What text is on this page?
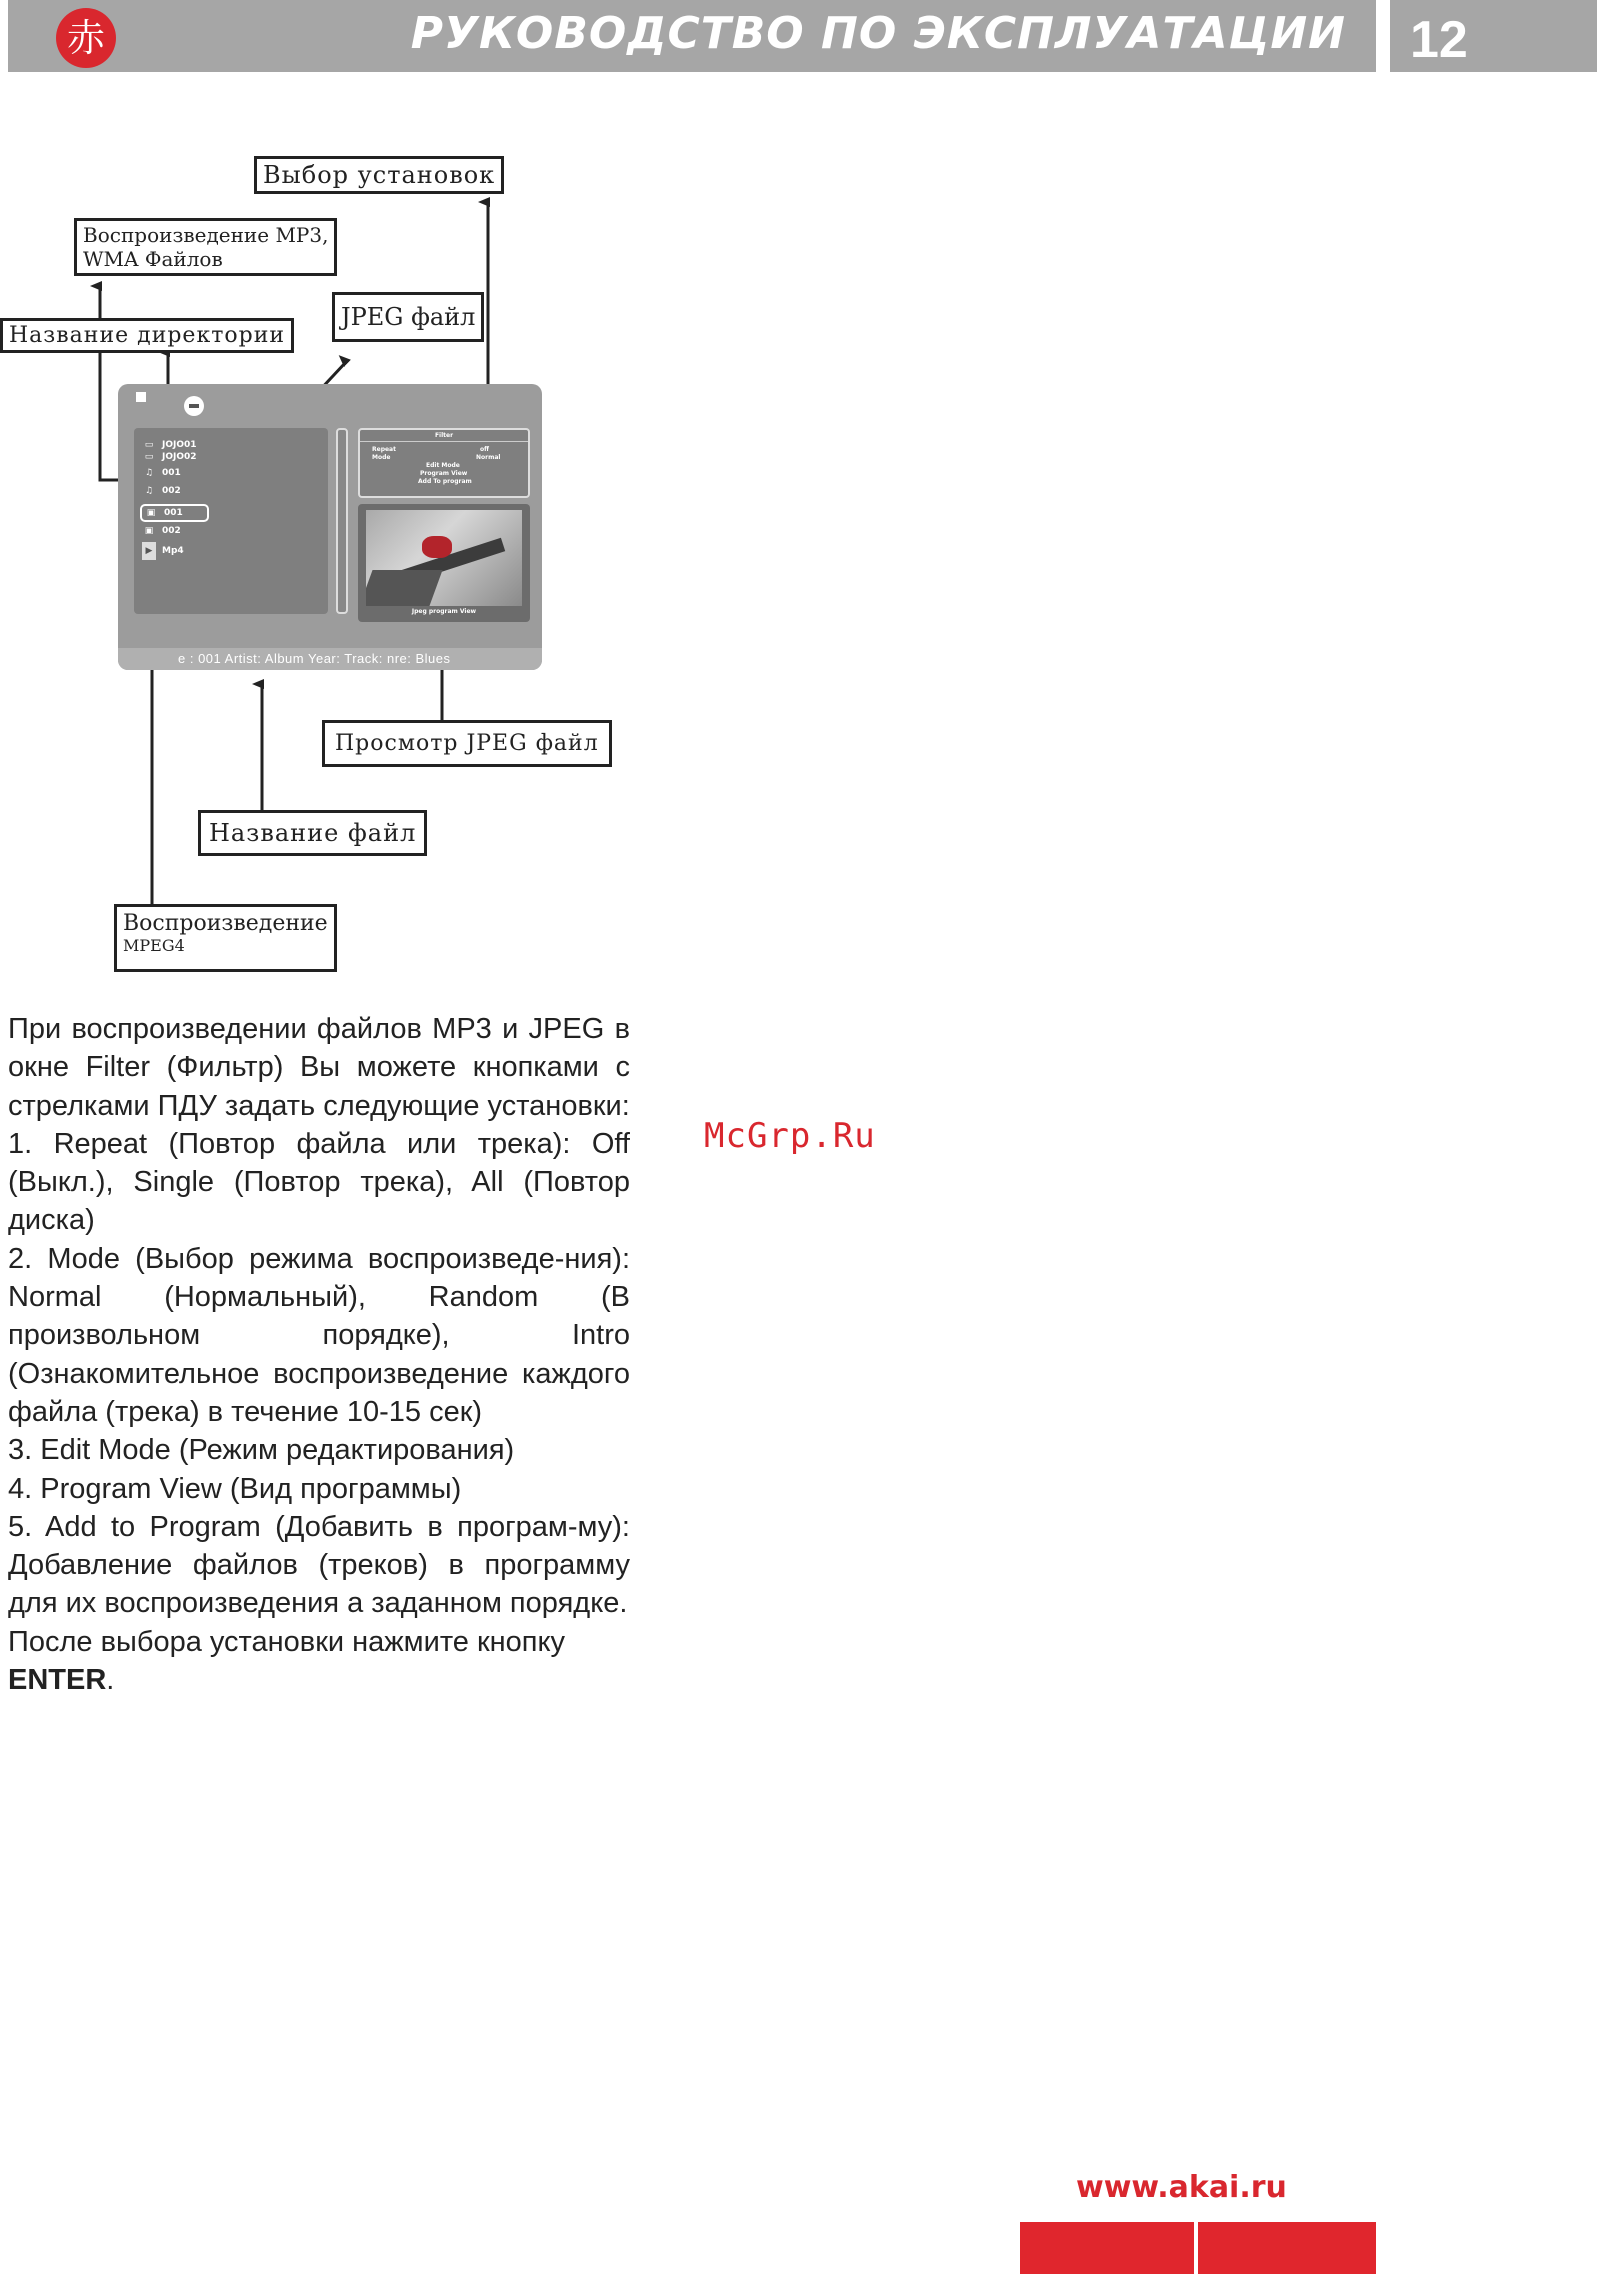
赤	РУКОВОДСТВО ПО ЭКСПЛУАТАЦИИ 12
Выбор установок
Воспроизведение MP3,
WMA Файлов
Название директории
JPEG файл
Просмотр JPEG файл
Название файл
Воспроизведение
MPEG4
▭ JOJO01
▭ JOJO02
♫ 001
♫ 002
▣ 001
▣ 002
▶ Mp4
Filter
Repeat	off
Mode	Normal
Edit Mode
Program View
Add To program
Jpeg program View
e : 001 Artist: Album Year: Track: nre: Blues

При воспроизведении файлов MP3 и JPEG в окне Filter (Фильтр) Вы можете кнопками с стрелками ПДУ задать следующие установки:

1. Repeat (Повтор файла или трека): Off (Выкл.), Single (Повтор трека), All (Повтор диска)

2. Mode (Выбор режима воспроизведе-ния): Normal (Нормальный), Random (В произвольном порядке), Intro (Ознакомительное воспроизведение каждого файла (трека) в течение 10-15 сек)

3. Edit Mode (Режим редактирования)

4. Program View (Вид программы)

5. Add to Program (Добавить в програм-му): Добавление файлов (треков) в программу для их воспроизведения а заданном порядке.

После выбора установки нажмите кнопку ENTER.

McGrp.Ru
www.akai.ru
